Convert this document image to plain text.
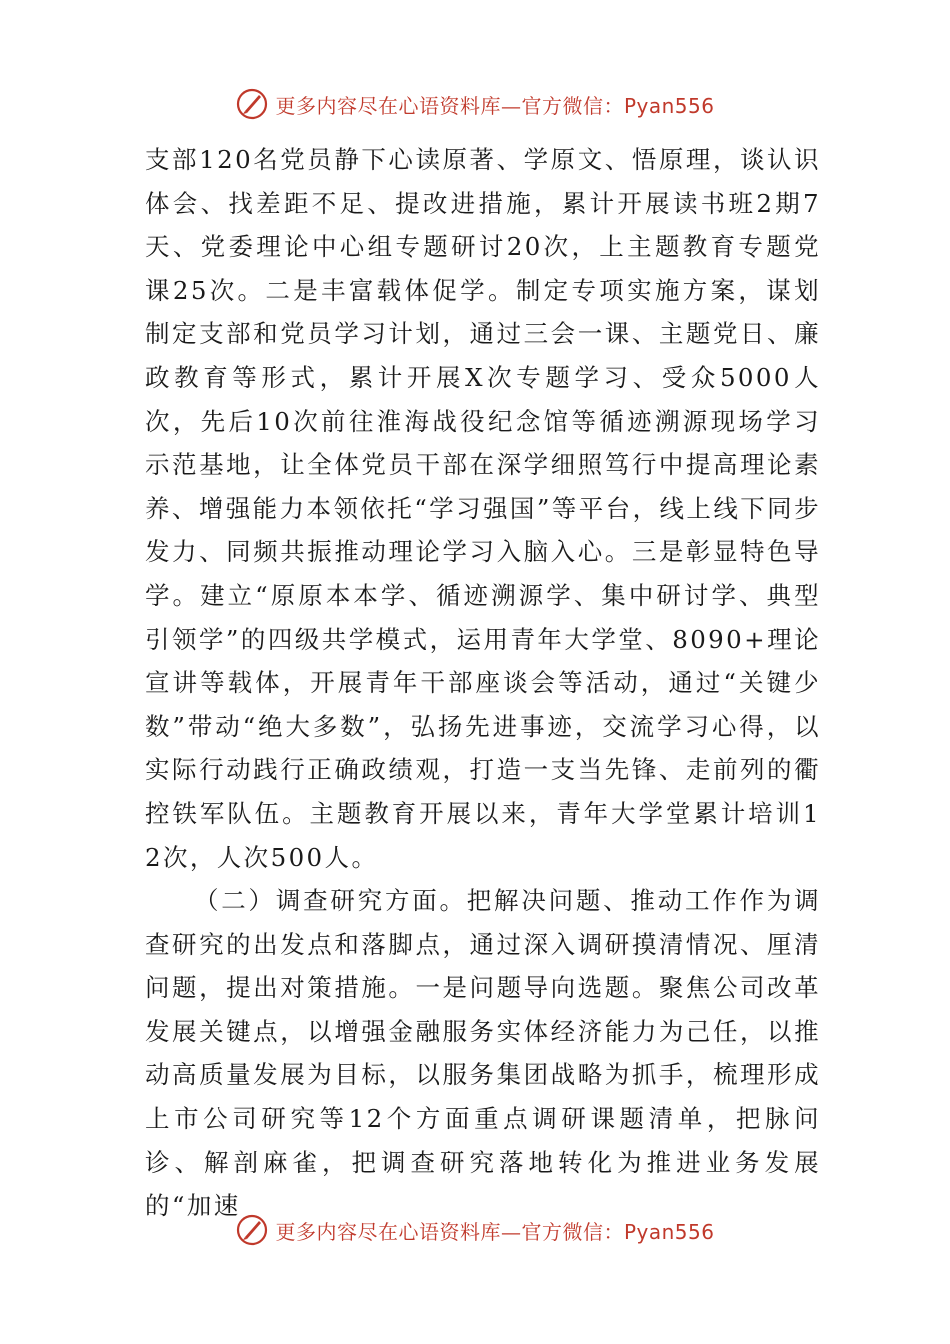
更多内容尽在心语资料库—官方微信：Pyan556

支部120名党员静下心读原著、学原文、悟原理，谈认识体会、找差距不足、提改进措施，累计开展读书班2期7天、党委理论中心组专题研讨20次，上主题教育专题党课25次。二是丰富载体促学。制定专项实施方案，谋划制定支部和党员学习计划，通过三会一课、主题党日、廉政教育等形式，累计开展X次专题学习、受众5000人次，先后10次前往淮海战役纪念馆等循迹溯源现场学习示范基地，让全体党员干部在深学细照笃行中提高理论素养、增强能力本领依托“学习强国”等平台，线上线下同步发力、同频共振推动理论学习入脑入心。三是彰显特色导学。建立“原原本本学、循迹溯源学、集中研讨学、典型引领学”的四级共学模式，运用青年大学堂、8090+理论宣讲等载体，开展青年干部座谈会等活动，通过“关键少数”带动“绝大多数”，弘扬先进事迹，交流学习心得，以实际行动践行正确政绩观，打造一支当先锋、走前列的衢控铁军队伍。主题教育开展以来，青年大学堂累计培训12次，人次500人。

（二）调查研究方面。把解决问题、推动工作作为调查研究的出发点和落脚点，通过深入调研摸清情况、厘清问题，提出对策措施。一是问题导向选题。聚焦公司改革发展关键点，以增强金融服务实体经济能力为己任，以推动高质量发展为目标，以服务集团战略为抓手，梳理形成上市公司研究等12个方面重点调研课题清单，把脉问诊、解剖麻雀，把调查研究落地转化为推进业务发展的“加速

更多内容尽在心语资料库—官方微信：Pyan556
